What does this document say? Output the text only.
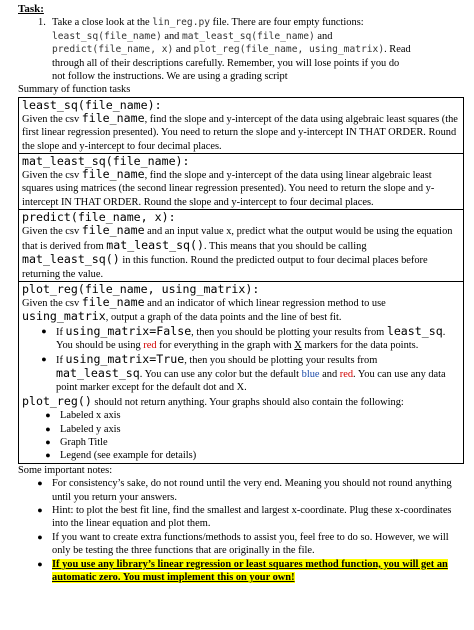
Task:
1. Take a close look at the lin_reg.py file. There are four empty functions:
least_sq(file_name) and mat_least_sq(file_name) and
predict(file_name, x) and plot_reg(file_name, using_matrix). Read
through all of their descriptions carefully. Remember, you will lose points if you do
not follow the instructions. We are using a grading script
Summary of function tasks
least_sq(file_name):
Given the csv file_name, find the slope and y-intercept of the data using algebraic least squares (the first linear regression presented). You need to return the slope and y-intercept IN THAT ORDER. Round the slope and y-intercept to four decimal places.
mat_least_sq(file_name):
Given the csv file_name, find the slope and y-intercept of the data using linear algebraic least squares using matrices (the second linear regression presented). You need to return the slope and y-intercept IN THAT ORDER. Round the slope and y-intercept to four decimal places.
predict(file_name, x):
Given the csv file_name and an input value x, predict what the output would be using the equation that is derived from mat_least_sq(). This means that you should be calling mat_least_sq() in this function. Round the predicted output to four decimal places before returning the value.
plot_reg(file_name, using_matrix):
Given the csv file_name and an indicator of which linear regression method to use using_matrix, output a graph of the data points and the line of best fit.
● If using_matrix=False, then you should be plotting your results from least_sq. You should be using red for everything in the graph with X markers for the data points.
● If using_matrix=True, then you should be plotting your results from mat_least_sq. You can use any color but the default blue and red. You can use any data point marker except for the default dot and X.
plot_reg() should not return anything. Your graphs should also contain the following:
● Labeled x axis
● Labeled y axis
● Graph Title
● Legend (see example for details)
Some important notes:
● For consistency’s sake, do not round until the very end. Meaning you should not round anything until you return your answers.
● Hint: to plot the best fit line, find the smallest and largest x-coordinate. Plug these x-coordinates into the linear equation and plot them.
● If you want to create extra functions/methods to assist you, feel free to do so. However, we will only be testing the three functions that are originally in the file.
● If you use any library’s linear regression or least squares method function, you will get an automatic zero. You must implement this on your own!
